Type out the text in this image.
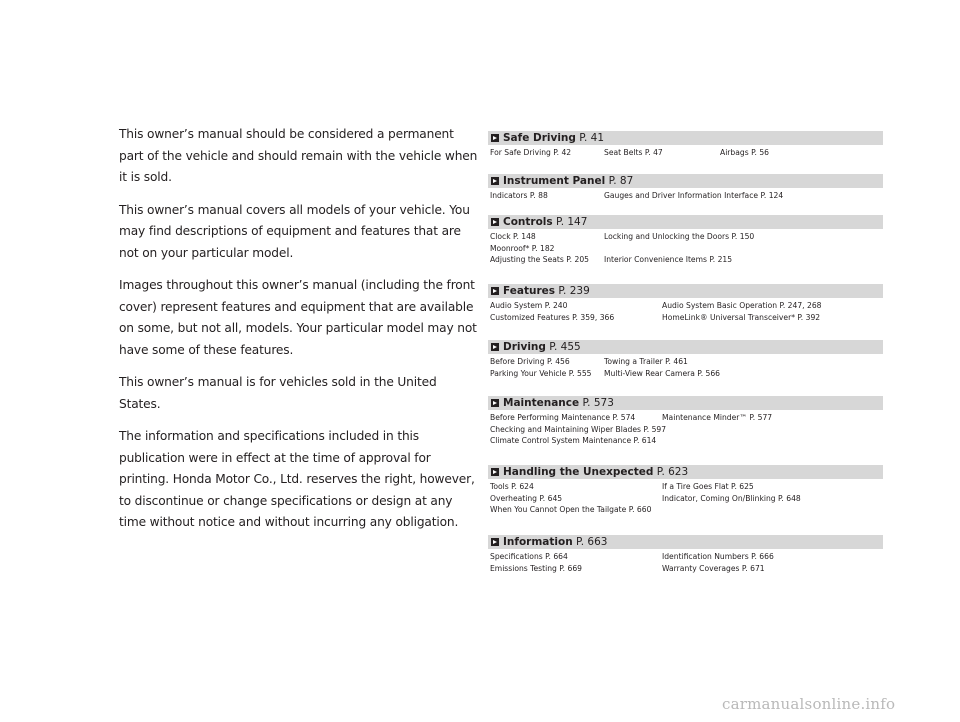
This owner’s manual should be considered a permanent part of the vehicle and should remain with the vehicle when it is sold.

This owner’s manual covers all models of your vehicle. You may find descriptions of equipment and features that are not on your particular model.

Images throughout this owner’s manual (including the front cover) represent features and equipment that are available on some, but not all, models. Your particular model may not have some of these features.

This owner’s manual is for vehicles sold in the United States.

The information and specifications included in this publication were in effect at the time of approval for printing. Honda Motor Co., Ltd. reserves the right, however, to discontinue or change specifications or design at any time without notice and without incurring any obligation.

Safe Driving P. 41
For Safe Driving P. 42	Seat Belts P. 47	Airbags P. 56
Instrument Panel P. 87
Indicators P. 88	Gauges and Driver Information Interface P. 124
Controls P. 147
Clock P. 148	Locking and Unlocking the Doors P. 150
Moonroof* P. 182
Adjusting the Seats P. 205	Interior Convenience Items P. 215
Features P. 239
Audio System P. 240	Audio System Basic Operation P. 247, 268
Customized Features P. 359, 366	HomeLink® Universal Transceiver* P. 392
Driving P. 455
Before Driving P. 456	Towing a Trailer P. 461
Parking Your Vehicle P. 555	Multi-View Rear Camera P. 566
Maintenance P. 573
Before Performing Maintenance P. 574	Maintenance Minder™ P. 577
Checking and Maintaining Wiper Blades P. 597
Climate Control System Maintenance P. 614
Handling the Unexpected P. 623
Tools P. 624	If a Tire Goes Flat P. 625
Overheating P. 645	Indicator, Coming On/Blinking P. 648
When You Cannot Open the Tailgate P. 660
Information P. 663
Specifications P. 664	Identification Numbers P. 666
Emissions Testing P. 669	Warranty Coverages P. 671
carmanualsonline.info
